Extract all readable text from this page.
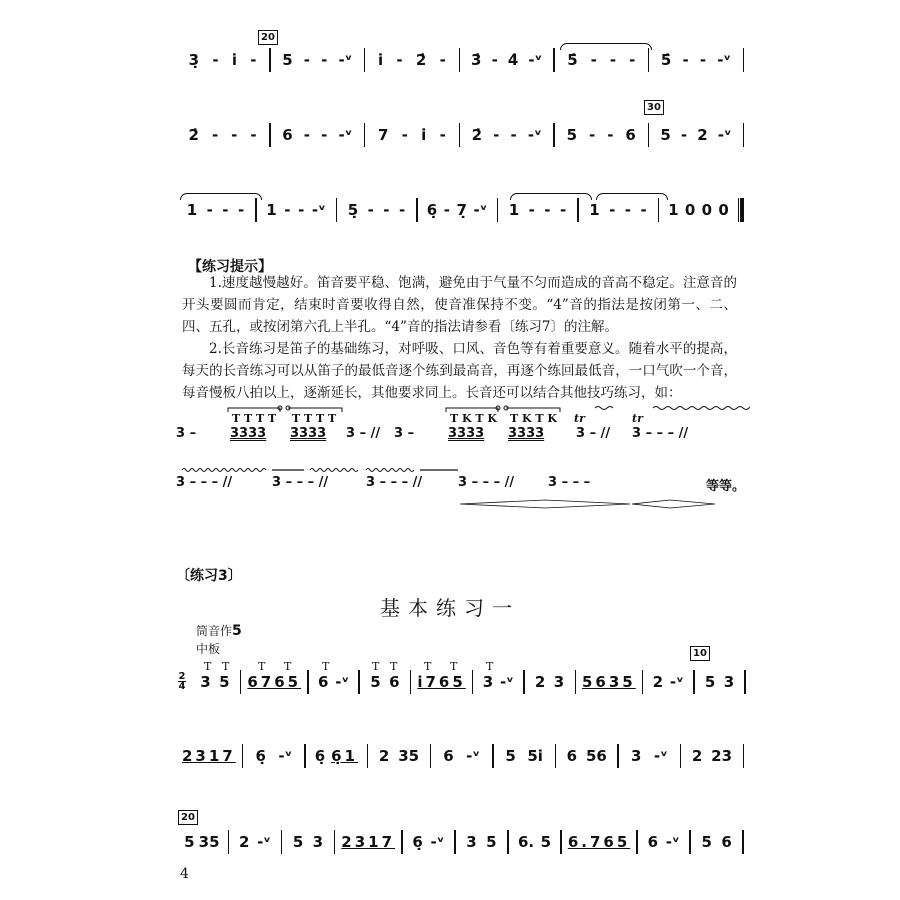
20
30
3̣ - i̇ - 5 - - -ᵛ i̇ - 2̇ - 3̇ - 4̇ -ᵛ 5̇ - - - 5̇ - - -ᵛ
2̇ - - - 6 - - -ᵛ 7 - i̇ - 2̇ - - -ᵛ 5 - - 6 5 - 2 -ᵛ
1 - - - 1 - - -ᵛ 5̣ - - - 6̣ - 7̣ -ᵛ 1 - - - 1 - - - 1 0 0 0
【练习提示】
1.速度越慢越好。笛音要平稳、饱满，避免由于气量不匀而造成的音高不稳定。注意音的开头要圆而肯定，结束时音要收得自然，使音准保持不变。“4”音的指法是按闭第一、二、四、五孔，或按闭第六孔上半孔。“4̇”音的指法请参看〔练习7〕的注解。
2.长音练习是笛子的基础练习，对呼吸、口风、音色等有着重要意义。随着水平的提高，每天的长音练习可以从笛子的最低音逐个练到最高音，再逐个练回最低音，一口气吹一个音，每音慢板八拍以上，逐渐延长，其他要求同上。长音还可以结合其他技巧练习，如：
3 –
T T T T T T T T
3333 3333 3 – // 3 –
T K T K T K T K
3333 3333
tr
3 – //
tr
3 – – – //
3 – – – //	3 – – – //	3 – – – //	3 – – – //	3 – – –	等等。
〔练习3〕
基本练习一
筒音作5
中板
2
4
10
20
T T	T T	T	T T T T	T
3 5 6765 6 -ᵛ 5 6 i765 3 -ᵛ 2 3 5635 2 -ᵛ 5 3
2317 6̣ -ᵛ 6̣ 6̣1 2 35 6 -ᵛ 5 5i 6 56 3 -ᵛ 2 23
5 35 2 -ᵛ 5 3 2317 6̣ -ᵛ 3 5 6. 5 6.765 6 -ᵛ 5 6
4
